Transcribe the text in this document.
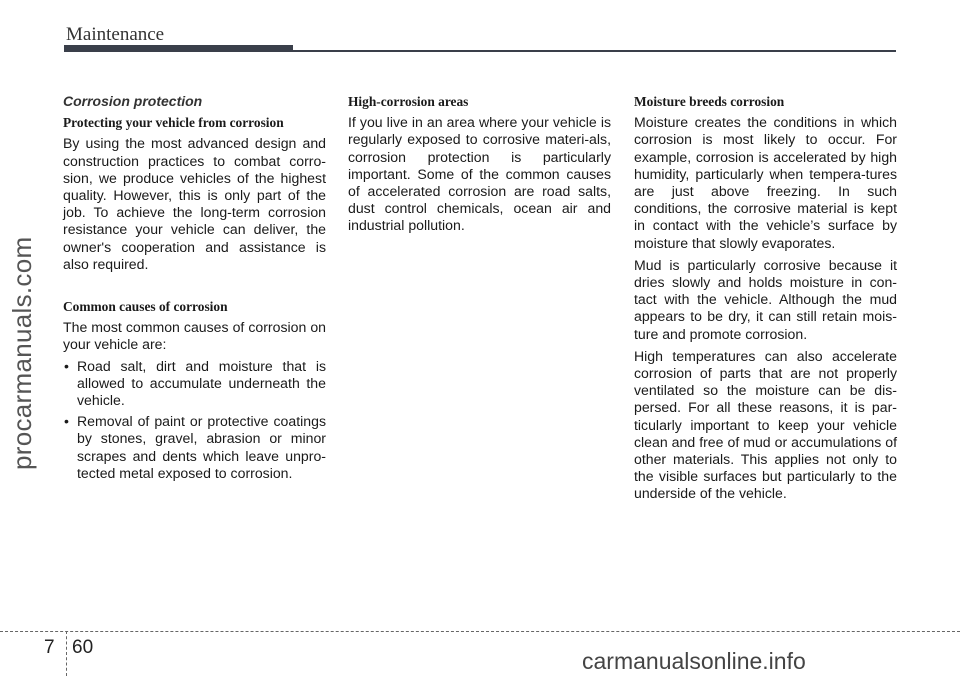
Maintenance
procarmanuals.com
Corrosion protection
Protecting your vehicle from corrosion

By using the most advanced design and construction practices to combat corro-sion, we produce vehicles of the highest quality. However, this is only part of the job. To achieve the long-term corrosion resistance your vehicle can deliver, the owner's cooperation and assistance is also required.

Common causes of corrosion

The most common causes of corrosion on your vehicle are:

• Road salt, dirt and moisture that is allowed to accumulate underneath the vehicle.
• Removal of paint or protective coatings by stones, gravel, abrasion or minor scrapes and dents which leave unpro-tected metal exposed to corrosion.
High-corrosion areas

If you live in an area where your vehicle is regularly exposed to corrosive materi-als, corrosion protection is particularly important. Some of the common causes of accelerated corrosion are road salts, dust control chemicals, ocean air and industrial pollution.

Moisture breeds corrosion

Moisture creates the conditions in which corrosion is most likely to occur. For example, corrosion is accelerated by high humidity, particularly when tempera-tures are just above freezing. In such conditions, the corrosive material is kept in contact with the vehicle’s surface by moisture that slowly evaporates.

Mud is particularly corrosive because it dries slowly and holds moisture in con-tact with the vehicle. Although the mud appears to be dry, it can still retain mois-ture and promote corrosion.

High temperatures can also accelerate corrosion of parts that are not properly ventilated so the moisture can be dis-persed. For all these reasons, it is par-ticularly important to keep your vehicle clean and free of mud or accumulations of other materials. This applies not only to the visible surfaces but particularly to the underside of the vehicle.

7 60
carmanualsonline.info
